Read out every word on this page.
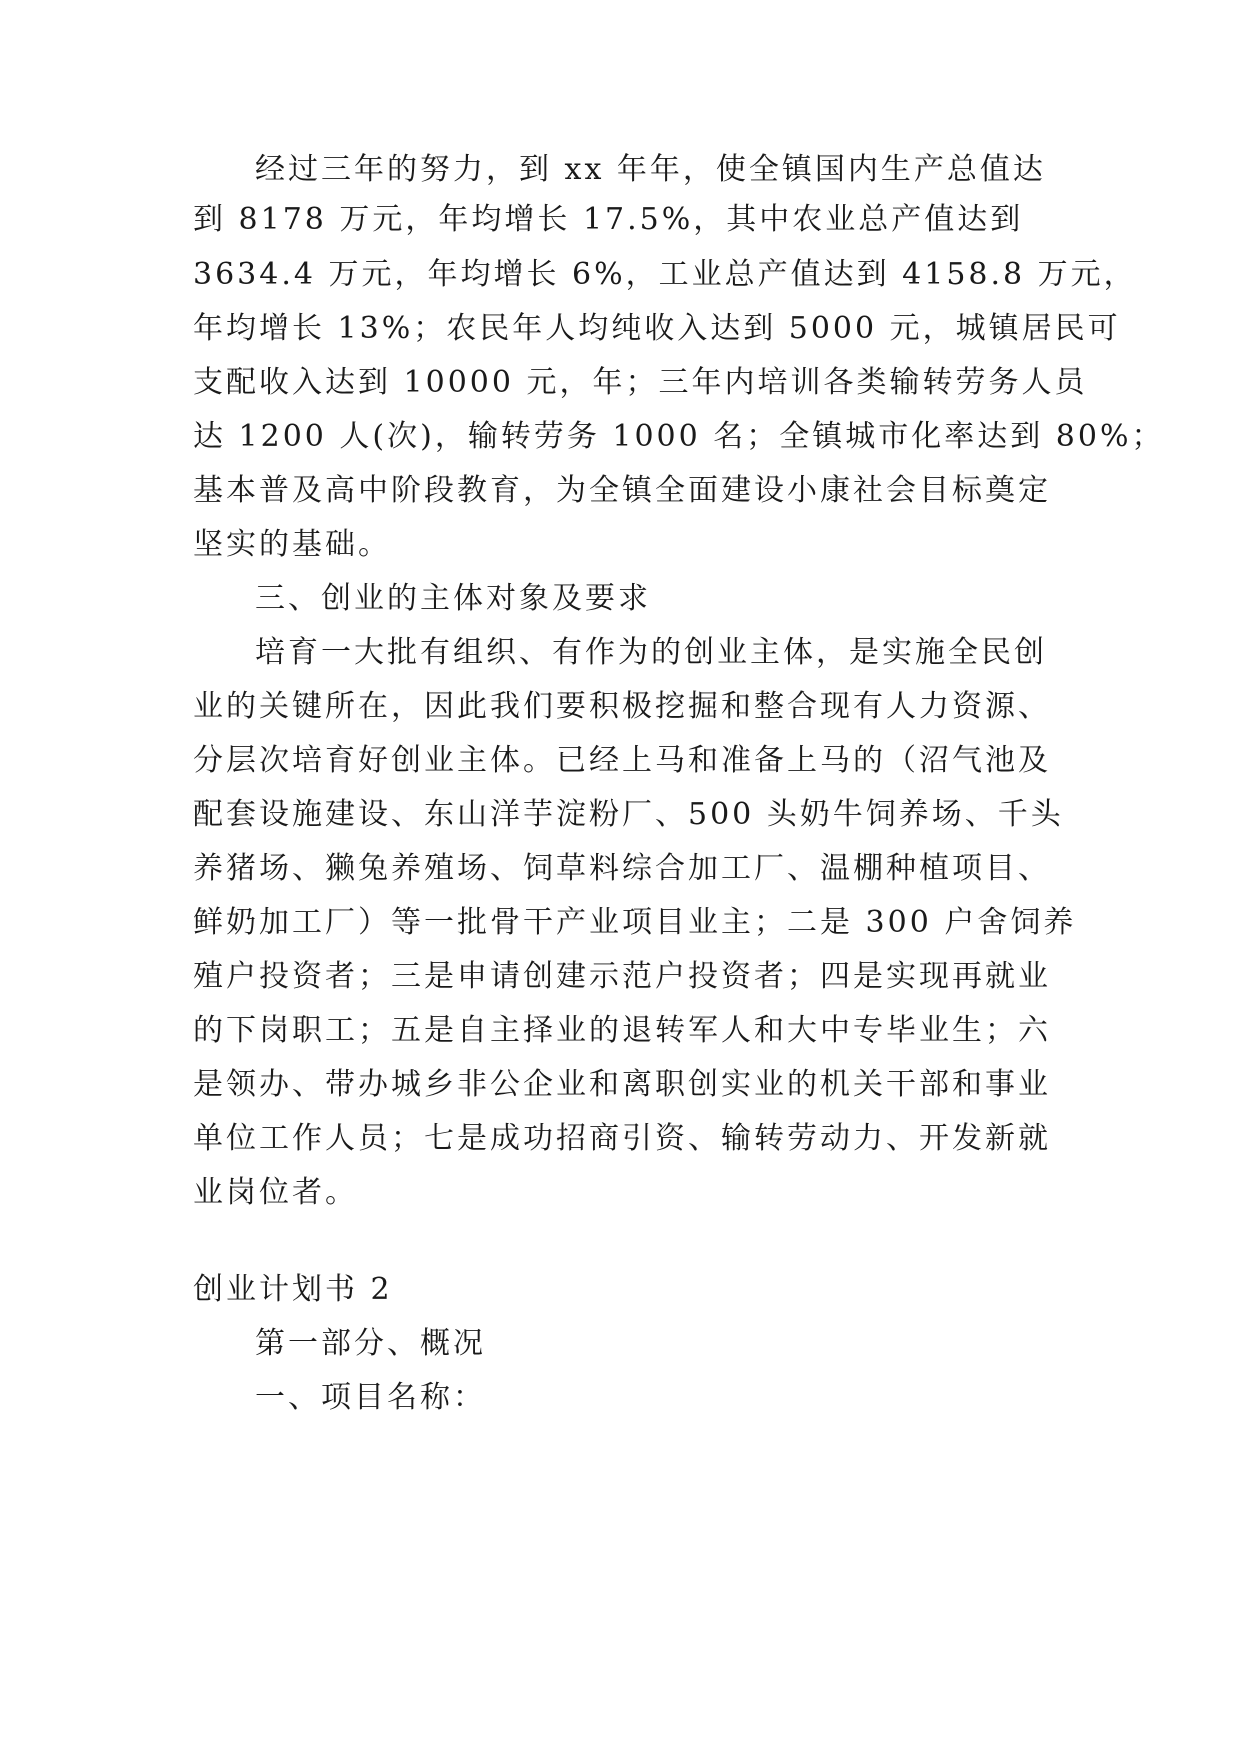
经过三年的努力，到 xx 年年，使全镇国内生产总值达
到 8178 万元，年均增长 17.5%，其中农业总产值达到
3634.4 万元，年均增长 6%，工业总产值达到 4158.8 万元，
年均增长 13%；农民年人均纯收入达到 5000 元，城镇居民可
支配收入达到 10000 元，年；三年内培训各类输转劳务人员
达 1200 人(次)，输转劳务 1000 名；全镇城市化率达到 80%；
基本普及高中阶段教育，为全镇全面建设小康社会目标奠定
坚实的基础。
三、创业的主体对象及要求
培育一大批有组织、有作为的创业主体，是实施全民创
业的关键所在，因此我们要积极挖掘和整合现有人力资源、
分层次培育好创业主体。已经上马和准备上马的（沼气池及
配套设施建设、东山洋芋淀粉厂、500 头奶牛饲养场、千头
养猪场、獭兔养殖场、饲草料综合加工厂、温棚种植项目、
鲜奶加工厂）等一批骨干产业项目业主；二是 300 户舍饲养
殖户投资者；三是申请创建示范户投资者；四是实现再就业
的下岗职工；五是自主择业的退转军人和大中专毕业生；六
是领办、带办城乡非公企业和离职创实业的机关干部和事业
单位工作人员；七是成功招商引资、输转劳动力、开发新就
业岗位者。
创业计划书 2
第一部分、概况
一、项目名称：
